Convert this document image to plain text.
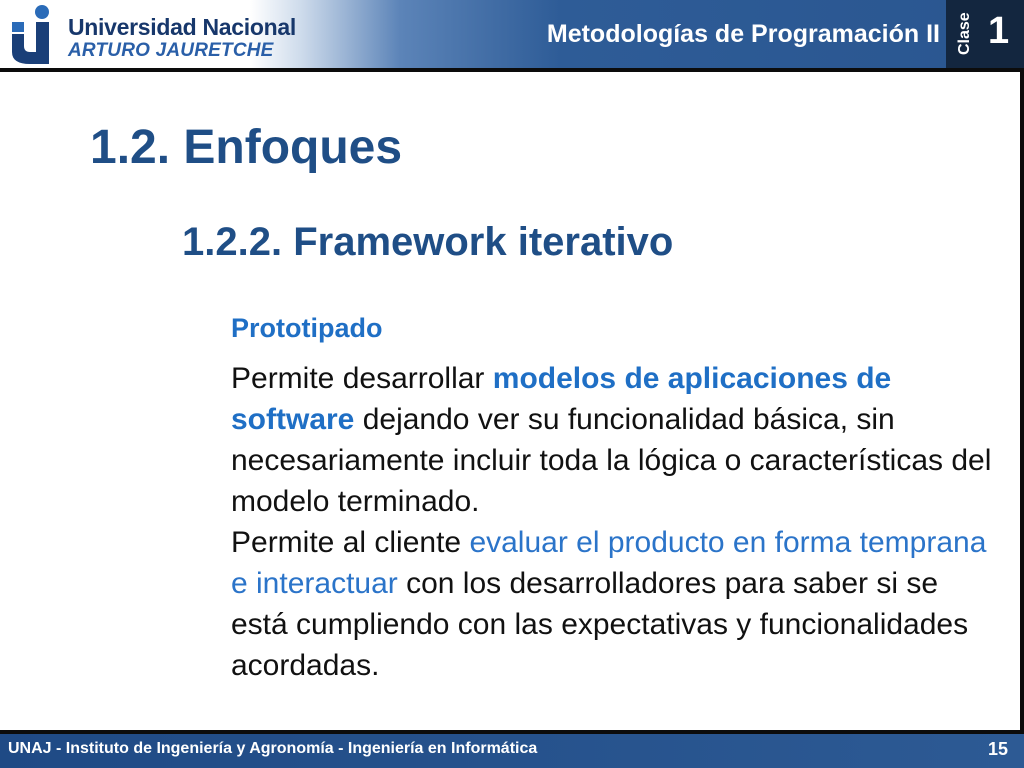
Universidad Nacional
ARTURO JAURETCHE
Metodologías de Programación II Clase 1
1.2. Enfoques
1.2.2. Framework iterativo
Prototipado
Permite desarrollar modelos de aplicaciones de software dejando ver su funcionalidad básica, sin necesariamente incluir toda la lógica o características del modelo terminado.
Permite al cliente evaluar el producto en forma temprana e interactuar con los desarrolladores para saber si se está cumpliendo con las expectativas y funcionalidades acordadas.
UNAJ - Instituto de Ingeniería y Agronomía - Ingeniería en Informática	15
